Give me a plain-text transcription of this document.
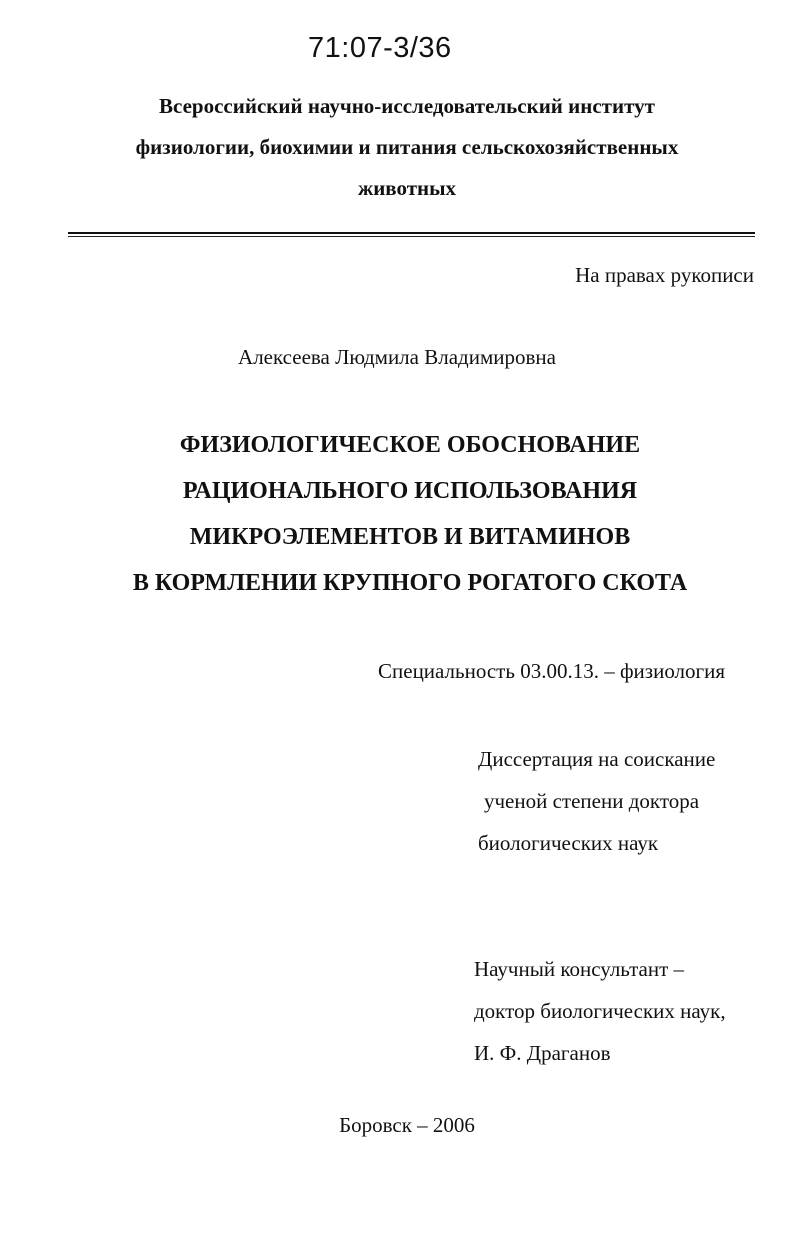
71:07-3/36
Всероссийский научно-исследовательский институт
физиологии, биохимии и питания сельскохозяйственных
животных
На правах рукописи
Алексеева Людмила Владимировна
ФИЗИОЛОГИЧЕСКОЕ ОБОСНОВАНИЕ
РАЦИОНАЛЬНОГО ИСПОЛЬЗОВАНИЯ
МИКРОЭЛЕМЕНТОВ И ВИТАМИНОВ
В КОРМЛЕНИИ КРУПНОГО РОГАТОГО СКОТА
Специальность 03.00.13. – физиология
Диссертация на соискание
ученой степени доктора
биологических наук
Научный консультант –
доктор биологических наук,
И. Ф. Драганов
Боровск – 2006
